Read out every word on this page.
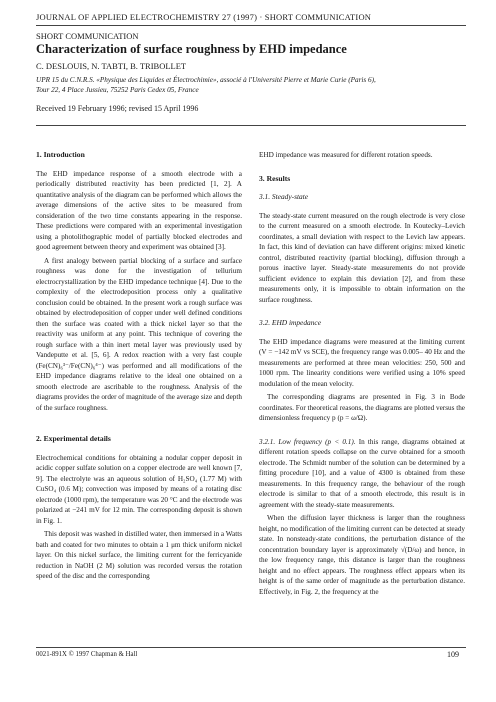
JOURNAL OF APPLIED ELECTROCHEMISTRY 27 (1997) · SHORT COMMUNICATION
SHORT COMMUNICATION
Characterization of surface roughness by EHD impedance
C. DESLOUIS, N. TABTI, B. TRIBOLLET
UPR 15 du C.N.R.S. «Physique des Liquides et Électrochimie», associé à l'Université Pierre et Marie Curie (Paris 6),
Tour 22, 4 Place Jussieu, 75252 Paris Cedex 05, France
Received 19 February 1996; revised 15 April 1996
1. Introduction

The EHD impedance response of a smooth electrode with a periodically distributed reactivity has been predicted [1, 2]. A quantitative analysis of the diagram can be performed which allows the average dimensions of the active sites to be measured from consideration of the two time constants appearing in the response. These predictions were compared with an experimental investigation using a photolithographic model of partially blocked electrodes and good agreement between theory and experiment was obtained [3].

A first analogy between partial blocking of a surface and surface roughness was done for the investigation of tellurium electrocrystallization by the EHD impedance technique [4]. Due to the complexity of the electrodeposition process only a qualitative conclusion could be obtained. In the present work a rough surface was obtained by electrodeposition of copper under well defined conditions then the surface was coated with a thick nickel layer so that the reactivity was uniform at any point. This technique of covering the rough surface with a thin inert metal layer was previously used by Vandeputte et al. [5, 6]. A redox reaction with a very fast couple (Fe(CN)₆³⁻/Fe(CN)₆⁴⁻) was performed and all modifications of the EHD impedance diagrams relative to the ideal one obtained on a smooth electrode are ascribable to the roughness. Analysis of the diagrams provides the order of magnitude of the average size and depth of the surface roughness.

2. Experimental details

Electrochemical conditions for obtaining a nodular copper deposit in acidic copper sulfate solution on a copper electrode are well known [7, 9]. The electrolyte was an aqueous solution of H₂SO₄ (1.77 M) with CuSO₄ (0.6 M); convection was imposed by means of a rotating disc electrode (1000 rpm), the temperature was 20 °C and the electrode was polarized at −241 mV for 12 min. The corresponding deposit is shown in Fig. 1.

This deposit was washed in distilled water, then immersed in a Watts bath and coated for two minutes to obtain a 1 μm thick uniform nickel layer. On this nickel surface, the limiting current for the ferricyanide reduction in NaOH (2 M) solution was recorded versus the rotation speed of the disc and the corresponding

EHD impedance was measured for different rotation speeds.

3. Results
3.1. Steady-state

The steady-state current measured on the rough electrode is very close to the current measured on a smooth electrode. In Koutecky–Levich coordinates, a small deviation with respect to the Levich law appears. In fact, this kind of deviation can have different origins: mixed kinetic control, distributed reactivity (partial blocking), diffusion through a porous inactive layer. Steady-state measurements do not provide sufficient evidence to explain this deviation [2], and from these measurements only, it is impossible to obtain information on the surface roughness.

3.2. EHD impedance

The EHD impedance diagrams were measured at the limiting current (V = −142 mV vs SCE), the frequency range was 0.005– 40 Hz and the measurements are performed at three mean velocities: 250, 500 and 1000 rpm. The linearity conditions were verified using a 10% speed modulation of the mean velocity.

The corresponding diagrams are presented in Fig. 3 in Bode coordinates. For theoretical reasons, the diagrams are plotted versus the dimensionless frequency p (p = ω/Ω).

3.2.1. Low frequency (p < 0.1). In this range, diagrams obtained at different rotation speeds collapse on the curve obtained for a smooth electrode. The Schmidt number of the solution can be determined by a fitting procedure [10], and a value of 4300 is obtained from these measurements. In this frequency range, the behaviour of the rough electrode is similar to that of a smooth electrode, this result is in agreement with the steady-state measurements.

When the diffusion layer thickness is larger than the roughness height, no modification of the limiting current can be detected at steady state. In nonsteady-state conditions, the perturbation distance of the concentration boundary layer is approximately √(D/ω) and hence, in the low frequency range, this distance is larger than the roughness height and no effect appears. The roughness effect appears when its height is of the same order of magnitude as the perturbation distance. Effectively, in Fig. 2, the frequency at the

0021-891X © 1997 Chapman & Hall	109
